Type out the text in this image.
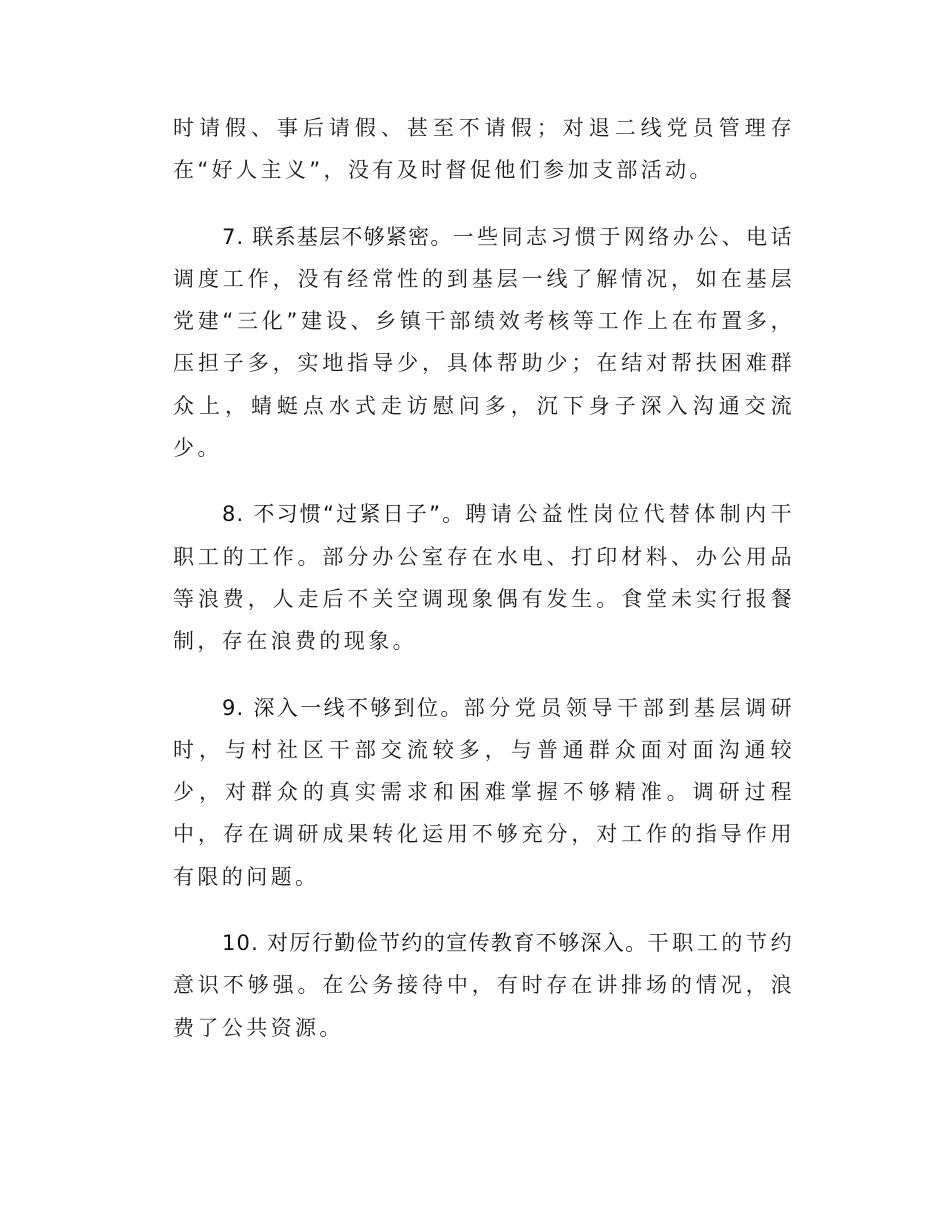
时请假、事后请假、甚至不请假；对退二线党员管理存在“好人主义”，没有及时督促他们参加支部活动。

7. 联系基层不够紧密。一些同志习惯于网络办公、电话调度工作，没有经常性的到基层一线了解情况，如在基层党建“三化”建设、乡镇干部绩效考核等工作上在布置多，压担子多，实地指导少，具体帮助少；在结对帮扶困难群众上，蜻蜓点水式走访慰问多，沉下身子深入沟通交流少。

8. 不习惯“过紧日子”。聘请公益性岗位代替体制内干职工的工作。部分办公室存在水电、打印材料、办公用品等浪费，人走后不关空调现象偶有发生。食堂未实行报餐制，存在浪费的现象。

9. 深入一线不够到位。部分党员领导干部到基层调研时，与村社区干部交流较多，与普通群众面对面沟通较少，对群众的真实需求和困难掌握不够精准。调研过程中，存在调研成果转化运用不够充分，对工作的指导作用有限的问题。

10. 对厉行勤俭节约的宣传教育不够深入。干职工的节约意识不够强。在公务接待中，有时存在讲排场的情况，浪费了公共资源。
